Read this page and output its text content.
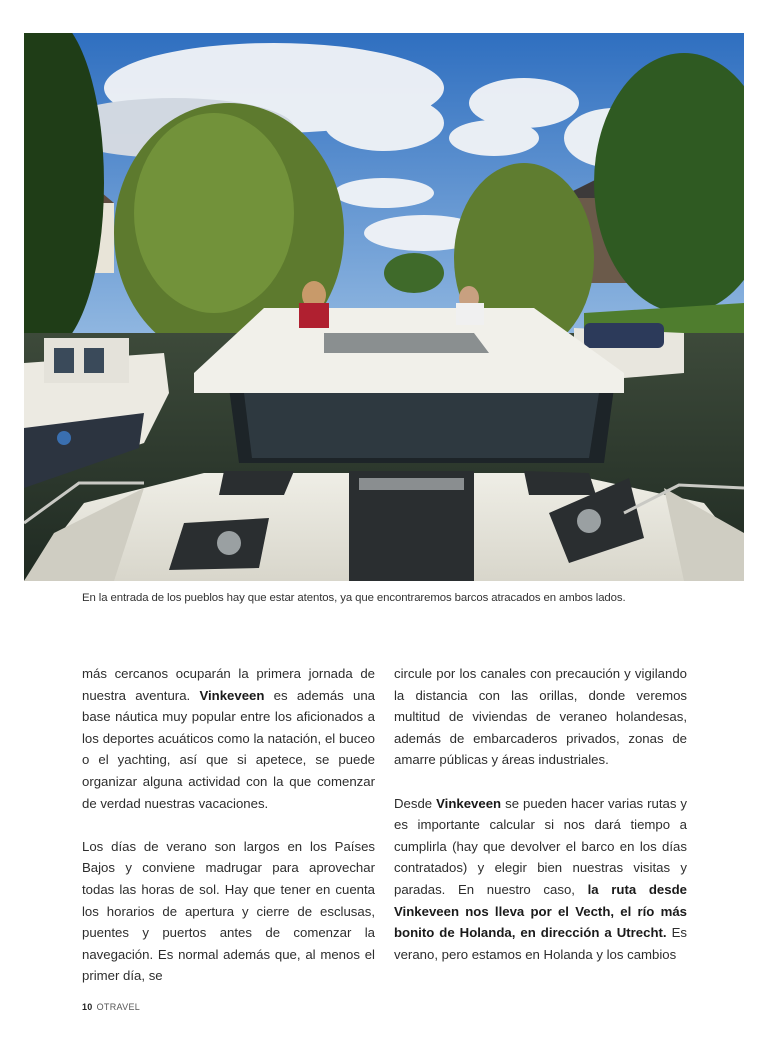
En la entrada de los pueblos hay que estar atentos, ya que encontraremos barcos atracados en ambos lados.

más cercanos ocuparán la primera jornada de nuestra aventura. Vinkeveen es además una base náutica muy popular entre los aficionados a los deportes acuáticos como la natación, el buceo o el yachting, así que si apetece, se puede organizar alguna actividad con la que comenzar de verdad nuestras vacaciones.

Los días de verano son largos en los Países Bajos y conviene madrugar para aprovechar todas las horas de sol. Hay que tener en cuenta los horarios de apertura y cierre de esclusas, puentes y puertos antes de comenzar la navegación. Es normal además que, al menos el primer día, se

circule por los canales con precaución y vigilando la distancia con las orillas, donde veremos multitud de viviendas de veraneo holandesas, además de embarcaderos privados, zonas de amarre públicas y áreas industriales.

Desde Vinkeveen se pueden hacer varias rutas y es importante calcular si nos dará tiempo a cumplirla (hay que devolver el barco en los días contratados) y elegir bien nuestras visitas y paradas. En nuestro caso, la ruta desde Vinkeveen nos lleva por el Vecth, el río más bonito de Holanda, en dirección a Utrecht. Es verano, pero estamos en Holanda y los cambios

10 OTRAVEL
